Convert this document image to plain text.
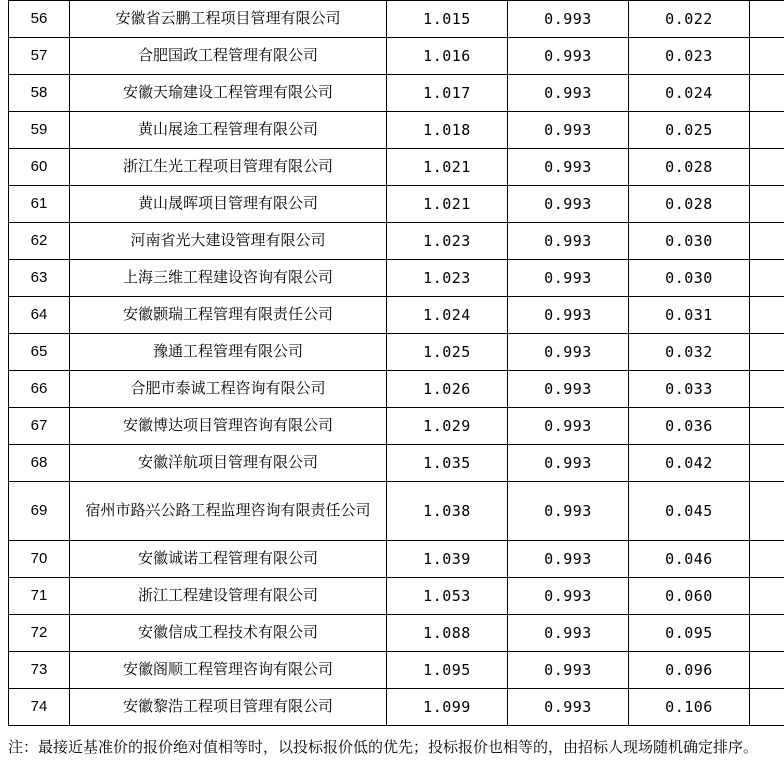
56	安徽省云鹏工程项目管理有限公司	1.015	0.993	0.022	
57	合肥国政工程管理有限公司	1.016	0.993	0.023	
58	安徽天瑜建设工程管理有限公司	1.017	0.993	0.024	
59	黄山展途工程管理有限公司	1.018	0.993	0.025	
60	浙江生光工程项目管理有限公司	1.021	0.993	0.028	
61	黄山晟晖项目管理有限公司	1.021	0.993	0.028	
62	河南省光大建设管理有限公司	1.023	0.993	0.030	
63	上海三维工程建设咨询有限公司	1.023	0.993	0.030	
64	安徽颢瑞工程管理有限责任公司	1.024	0.993	0.031	
65	豫通工程管理有限公司	1.025	0.993	0.032	
66	合肥市泰诚工程咨询有限公司	1.026	0.993	0.033	
67	安徽博达项目管理咨询有限公司	1.029	0.993	0.036	
68	安徽洋航项目管理有限公司	1.035	0.993	0.042	
69	宿州市路兴公路工程监理咨询有限责任公司	1.038	0.993	0.045	
70	安徽诚诺工程管理有限公司	1.039	0.993	0.046	
71	浙江工程建设管理有限公司	1.053	0.993	0.060	
72	安徽信成工程技术有限公司	1.088	0.993	0.095	
73	安徽阁顺工程管理咨询有限公司	1.095	0.993	0.096	
74	安徽黎浩工程项目管理有限公司	1.099	0.993	0.106	
注：最接近基准价的报价绝对值相等时，以投标报价低的优先；投标报价也相等的，由招标人现场随机确定排序。
